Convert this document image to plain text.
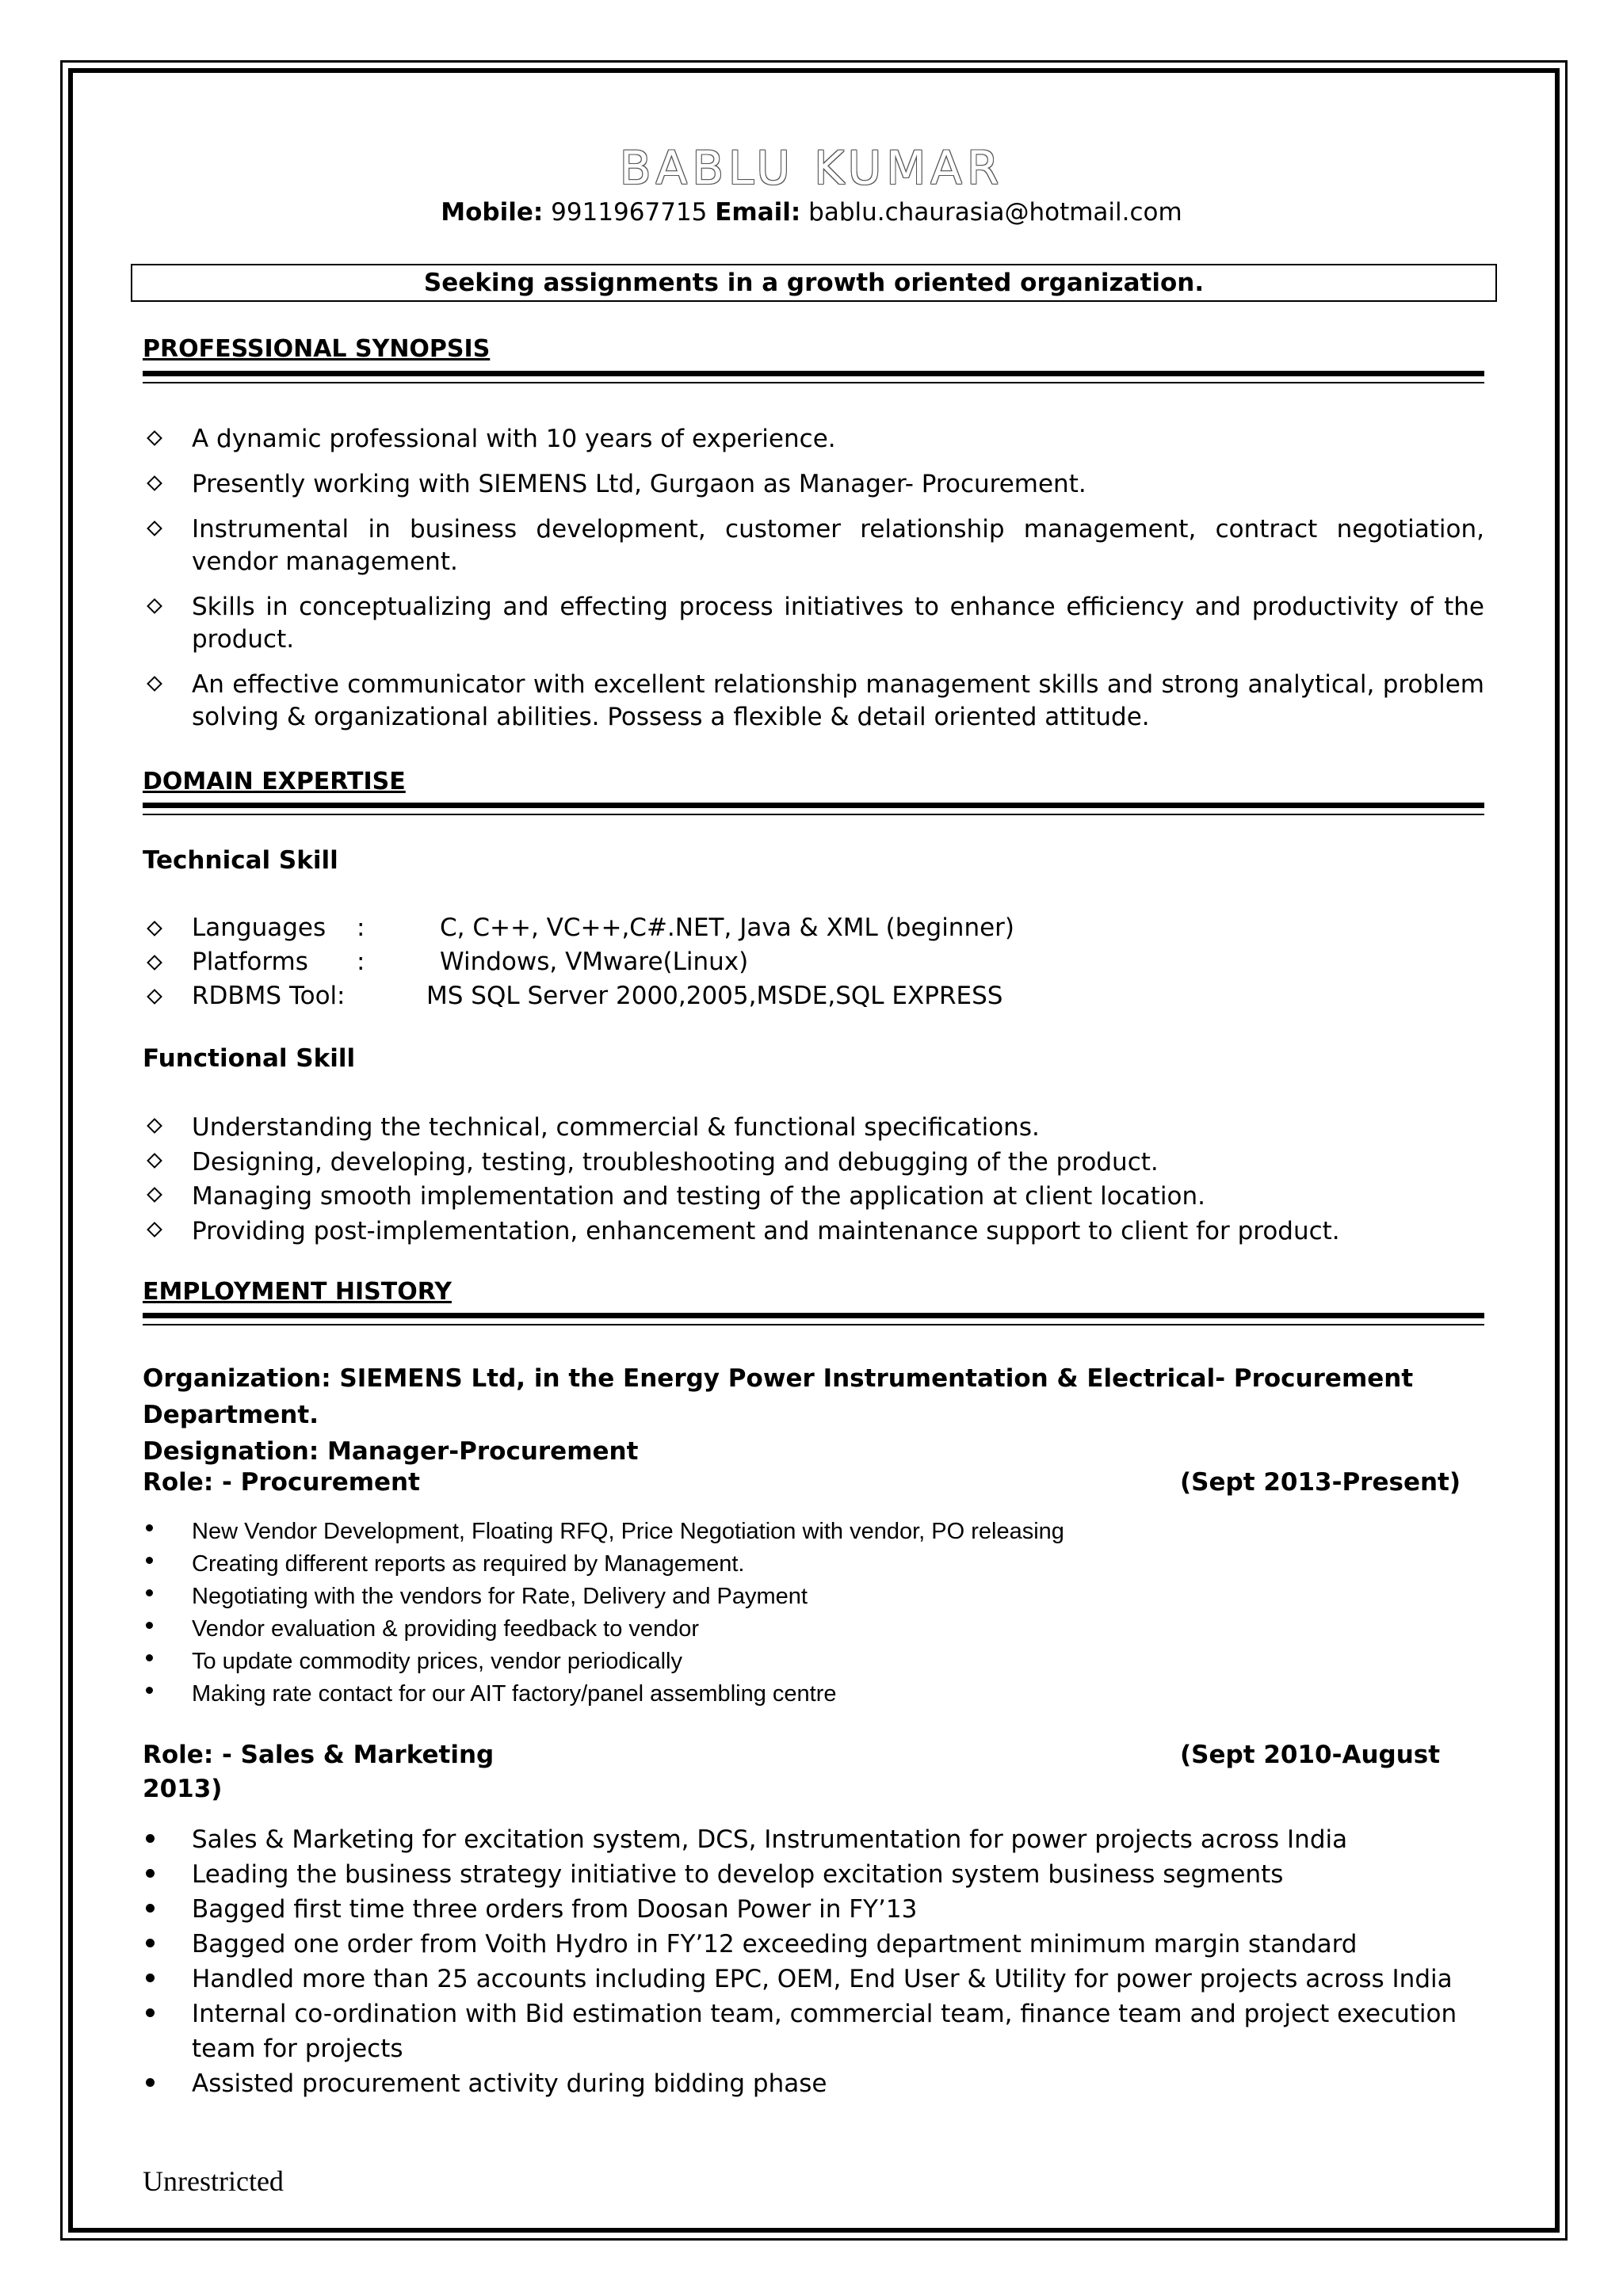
BABLU KUMAR
Mobile: 9911967715 Email: bablu.chaurasia@hotmail.com
Seeking assignments in a growth oriented organization.
PROFESSIONAL SYNOPSIS
A dynamic professional with 10 years of experience.
Presently working with SIEMENS Ltd, Gurgaon as Manager- Procurement.
Instrumental in business development, customer relationship management, contract negotiation, vendor management.
Skills in conceptualizing and effecting process initiatives to enhance efficiency and productivity of the product.
An effective communicator with excellent relationship management skills and strong analytical, problem solving & organizational abilities. Possess a flexible & detail oriented attitude.
DOMAIN EXPERTISE
Technical Skill
Languages :	C, C++, VC++,C#.NET, Java & XML (beginner)
Platforms :	Windows, VMware(Linux)
RDBMS Tool :	MS SQL Server 2000,2005,MSDE,SQL EXPRESS
Functional Skill
Understanding the technical, commercial & functional specifications.
Designing, developing, testing, troubleshooting and debugging of the product.
Managing smooth implementation and testing of the application at client location.
Providing post-implementation, enhancement and maintenance support to client for product.
EMPLOYMENT HISTORY
Organization: SIEMENS Ltd, in the Energy Power Instrumentation & Electrical- Procurement Department.
Designation: Manager-Procurement
Role: - Procurement	(Sept 2013-Present)
New Vendor Development, Floating RFQ, Price Negotiation with vendor, PO releasing
Creating different reports as required by Management.
Negotiating with the vendors for Rate, Delivery and Payment
Vendor evaluation & providing feedback to vendor
To update commodity prices, vendor periodically
Making rate contact for our AIT factory/panel assembling centre
Role: - Sales & Marketing	(Sept 2010-August
2013)
Sales & Marketing for excitation system, DCS, Instrumentation for power projects across India
Leading the business strategy initiative to develop excitation system business segments
Bagged first time three orders from Doosan Power in FY’13
Bagged one order from Voith Hydro in FY’12 exceeding department minimum margin standard
Handled more than 25 accounts including EPC, OEM, End User & Utility for power projects across India
Internal co-ordination with Bid estimation team, commercial team, finance team and project execution team for projects
Assisted procurement activity during bidding phase
Unrestricted
